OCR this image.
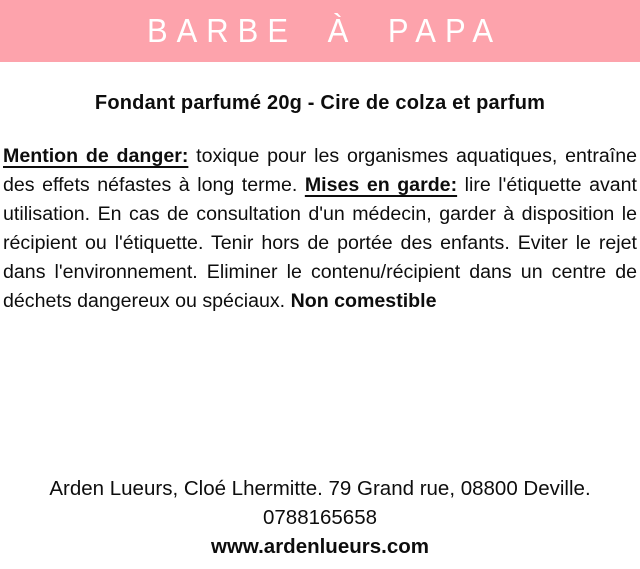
BARBE À PAPA
Fondant parfumé 20g - Cire de colza et parfum

Mention de danger: toxique pour les organismes aquatiques, entraîne des effets néfastes à long terme. Mises en garde: lire l'étiquette avant utilisation. En cas de consultation d'un médecin, garder à disposition le récipient ou l'étiquette. Tenir hors de portée des enfants. Eviter le rejet dans l'environnement. Eliminer le contenu/récipient dans un centre de déchets dangereux ou spéciaux. Non comestible

Arden Lueurs, Cloé Lhermitte. 79 Grand rue, 08800 Deville.
0788165658
www.ardenlueurs.com
